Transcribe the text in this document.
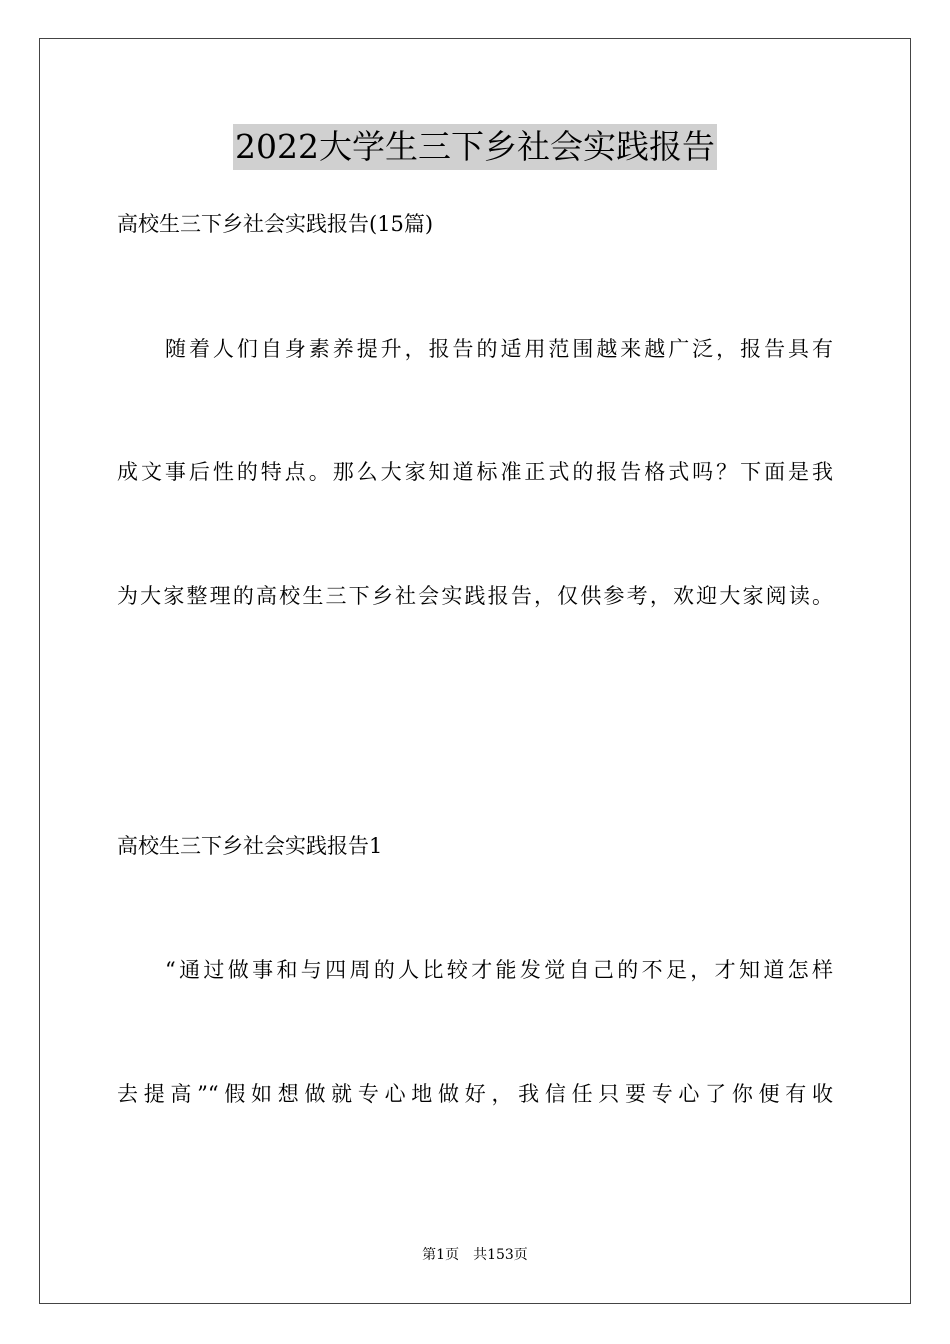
2022大学生三下乡社会实践报告
高校生三下乡社会实践报告(15篇)
随着人们自身素养提升，报告的适用范围越来越广泛，报告具有
成文事后性的特点。那么大家知道标准正式的报告格式吗？下面是我
为大家整理的高校生三下乡社会实践报告，仅供参考，欢迎大家阅读。
高校生三下乡社会实践报告1
“通过做事和与四周的人比较才能发觉自己的不足，才知道怎样
去提高”“假如想做就专心地做好，我信任只要专心了你便有收
第1页　共153页
